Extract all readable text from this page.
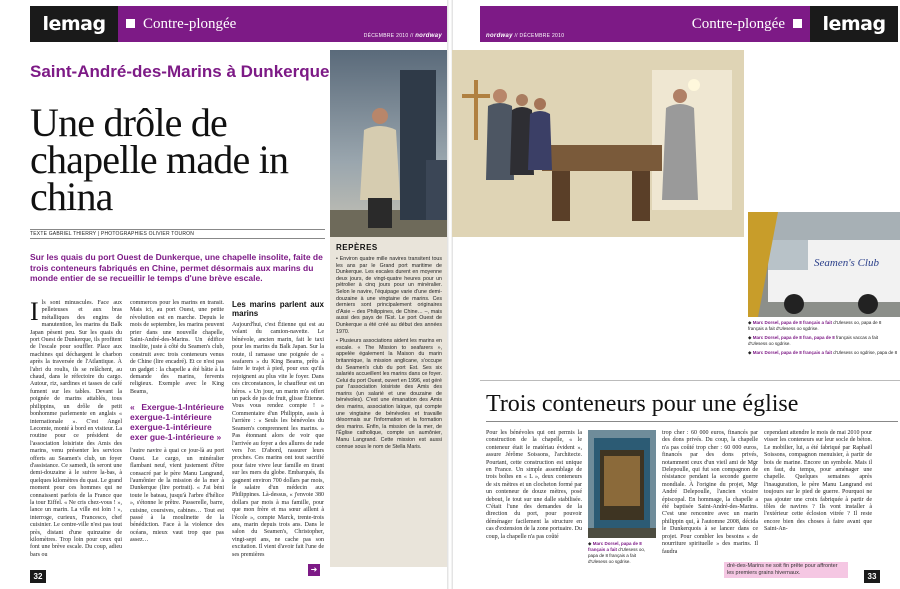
lemag	Contre-plongée
DÉCEMBRE 2010 // nordway
Saint-André-des-Marins à Dunkerque
Une drôle de chapelle made in china
TEXTE GABRIEL THIERRY | PHOTOGRAPHIES OLIVIER TOURON
Sur les quais du port Ouest de Dunkerque, une chapelle insolite, faite de trois conteneurs fabriqués en Chine, permet désormais aux marins du monde entier de se recueillir le temps d'une brève escale.
Ils sont minuscules. Face aux pelleteuses et aux bras métalliques des engins de manutention, les marins du Balk Japan pèsent peu. Sur les quais du port Ouest de Dunkerque, ils profitent de l'escale pour souffler. Place aux machines qui déchargent le charbon après la traversée de l'Atlantique. À l'abri du roulis, ils se relâchent, au chaud, dans le réfectoire du cargo. Autour, riz, sardines et tasses de café fument sur les tables. Devant la poignée de marins attablés, tous philippins, un drôle de petit bonhomme parlemente en anglais « internationale ». C'est Angel Lecomte, monté à bord en visiteur. La routine pour ce président de l'association loisiriste des Amis des marins, venu présenter les services offerts au Seamen's club, un foyer d'assistance. Ce samedi, ils seront une demi-douzaine à le suivre la-bas, à quelques kilomètres du quai. Le grand moment pour ces hommes qui ne connaissent parfois de la France que la tour Eiffel. « Ne cris chez-vous ! », lance un marin. La ville est loin ! », interroge, curieux, Francesco, chef cuisinier. Le centre-ville n'est pas tout près, distant d'une quinzaine de kilomètres. Trop loin pour ceux qui font une brève escale. Du coup, adieu bars ou

commerces pour les marins en transit. Mais ici, au port Ouest, une petite révolution est en marche. Depuis le mois de septembre, les marins peuvent prier dans une nouvelle chapelle, Saint-André-des-Marins. Un édifice insolite, juste à côté du Seamen's club, construit avec trois conteneurs venus de Chine (lire encadré). Et ce n'est pas un gadget : la chapelle a été bâtie à la demande des marins, fervents religieux. Exemple avec le King Beams,

« Exergue-1-Intérieure exergue-1-intérieure exergue-1-intérieure exer gue-1-intérieure »

l'autre navire à quai ce jour-là au port Ouest. Le cargo, un minéralier flambant neuf, vient justement d'être consacré par le père Manu Langrand, l'aumônier de la mission de la mer à Dunkerque (lire portrait). « J'ai béni toute le bateau, jusqu'à l'arbre d'hélice », s'étonne le prêtre. Passerelle, barre, cuisine, coursives, cabines… Tout est passé à la moulinette de la bénédiction. Face à la violence des océans, mieux vaut trop que pas assez…

Les marins parlent aux marins

Aujourd'hui, c'est Étienne qui est au volant du camion-navette. Le bénévole, ancien marin, fait le taxi pour les marins du Balk Japan. Sur la route, il ramasse une poignée de « seafarers » du King Beams, prêts à faire le trajet à pied, pour eux qu'ils rejoignent au plus vite le foyer. Dans ces circonstances, le chauffeur est un héros. « Un jour, un marin m'a offert un pack de jus de fruit, glisse Étienne. Vous vous rendez compte ! » Commentaire d'un Philippin, assis à l'arrière : « Seuls les bénévoles du Seamen's comprennent les marins. » Pas étonnant alors de voir que l'arrivée au foyer a des allures de rade vers l'or. D'abord, rassurer leurs proches. Ces marins ont tout sacrifié pour faire vivre leur famille en tirant sur les mers du globe. Embarqués, ils gagnent environ 700 dollars par mois, le salaire d'un médecin aux Philippines. Là-dessus, « j'envoie 380 dollars par mois à ma famille, pour que mon frère et ma sœur aillent à l'école », compte Marck, trente-trois ans, marin depuis trois ans. Dans le salon du Seamen's, Christopher, vingt-sept ans, ne cache pas son excitation. Il vient d'avoir fait l'une de ses premières

➜
REPÈRES

• Environ quatre mille navires transitent tous les ans par le Grand port maritime de Dunkerque. Les escales durent en moyenne deux jours, de vingt-quatre heures pour un pétrolier à cinq jours pour un minéralier. Selon le navire, l'équipage varie d'une demi-douzaine à une vingtaine de marins. Ces derniers sont principalement originaires d'Asie – des Philippines, de Chine… –, mais aussi des pays de l'Est. Le port Ouest de Dunkerque a été créé au début des années 1970.

• Plusieurs associations aident les marins en escale. « The Mission to seafarers », appelée également la Maison du marin britannique, la mission anglicane, s'occupe du Seamen's club du port Est. Ses six salariés accueillent les marins dans ce foyer. Celui du port Ouest, ouvert en 1996, est géré par l'association loisiriste des Amis des marins (un salarié et une douzaine de bénévoles). C'est une émanation des Amis des marins, association laïque, qui compte une vingtaine de bénévoles et travaille désormais sur l'information et la formation des marins. Enfin, la mission de la mer, de l'Église catholique, compte un aumônier, Manu Langrand. Cette mission est aussi connue sous le nom de Stella Maris.

32
nordway // DÉCEMBRE 2010
Contre-plongée	lemag
Seamen's Club
◆ Marc Dorsel, papa de 8 français a fait d'Ulesess oo, papa de 8 français a fait d'Ulesess oo sgdrise.
◆ Marc Dorsel, papa de 8 fran, papa de 8 français vaccas a fait d'Ulesess oo sgdrise.
◆ Marc Dorsel, papa de 8 français a fait d'Ulesess oo sgdrise, papa de 8
Trois conteneurs pour une église

Pour les bénévoles qui ont permis la construction de la chapelle, « le conteneur était le matériau évident », assure Jérôme Soissons, l'architecte. Pourtant, cette construction est unique en France. Un simple assemblage de trois boîtes en « L », deux conteneurs de six mètres et un clocheton formé par un conteneur de douze mètres, posé debout, le tout sur une dalle stabilisée. C'était l'une des demandes de la direction du port, pour pouvoir déménager facilement la structure en cas d'extension de la zone portuaire. Du coup, la chapelle n'a pas coûté

◆ Marc Dorsel, papa de 8 français a fait d'Ulesess oo, papa de 8 français a fait d'Ulesess oo sgdrise.

trop cher : 60 000 euros, financés par des dons privés. Du coup, la chapelle n'a pas coûté trop cher : 60 000 euros, financés par des dons privés, notamment ceux d'un vieil ami de Mgr Delepoulle, qui fut son compagnon de résistance pendant la seconde guerre mondiale. À l'origine du projet, Mgr André Delepoulle, l'ancien vicaire épiscopal. En hommage, la chapelle a été baptisée Saint-André-des-Marins. C'est une rencontre avec un marin philippin qui, à l'automne 2008, décida le Dunkerquois à se lancer dans ce projet. Pour combler les besoins « de nourriture spirituelle » des marins. Il faudra

cependant attendre le mois de mai 2010 pour visser les conteneurs sur leur socle de béton. Le mobilier, lui, a été fabriqué par Raphaël Soissons, compagnon menuisier, à partir de bois de marine. Encore un symbole. Mais il en faut, du temps, pour aménager une chapelle. Quelques semaines après l'inauguration, le père Manu Langrand est toujours sur le pied de guerre. Pourquoi ne pas ajouter une croix fabriquée à partir de tôles de navires ? Ils vont installer à l'extérieur cette éclosion vitrée ? Il reste encore bien des choses à faire avant que Saint-An-

dré-des-Marins ne soit fin prête pour affronter les premiers grains hivernaux.	33
